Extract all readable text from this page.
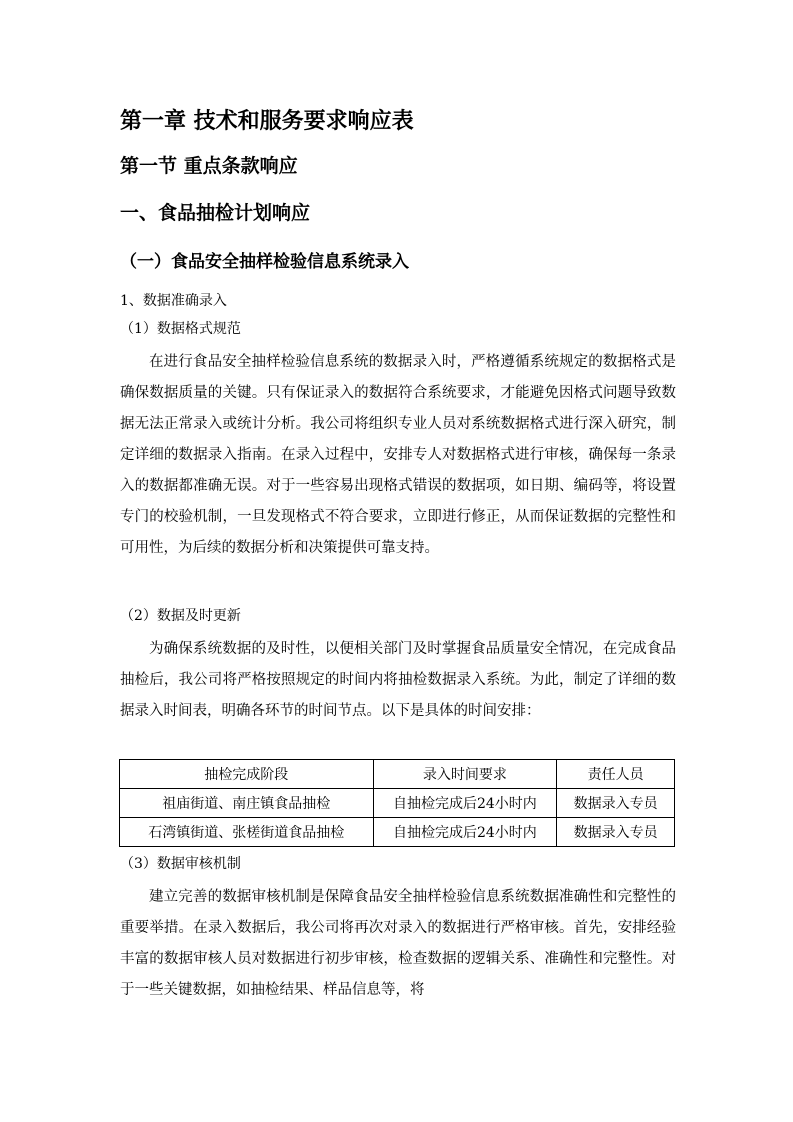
第一章 技术和服务要求响应表
第一节 重点条款响应
一、食品抽检计划响应
（一）食品安全抽样检验信息系统录入

1、数据准确录入

（1）数据格式规范

在进行食品安全抽样检验信息系统的数据录入时，严格遵循系统规定的数据格式是确保数据质量的关键。只有保证录入的数据符合系统要求，才能避免因格式问题导致数据无法正常录入或统计分析。我公司将组织专业人员对系统数据格式进行深入研究，制定详细的数据录入指南。在录入过程中，安排专人对数据格式进行审核，确保每一条录入的数据都准确无误。对于一些容易出现格式错误的数据项，如日期、编码等，将设置专门的校验机制，一旦发现格式不符合要求，立即进行修正，从而保证数据的完整性和可用性，为后续的数据分析和决策提供可靠支持。

（2）数据及时更新

为确保系统数据的及时性，以便相关部门及时掌握食品质量安全情况，在完成食品抽检后，我公司将严格按照规定的时间内将抽检数据录入系统。为此，制定了详细的数据录入时间表，明确各环节的时间节点。以下是具体的时间安排：

抽检完成阶段	录入时间要求	责任人员
祖庙街道、南庄镇食品抽检	自抽检完成后24小时内	数据录入专员
石湾镇街道、张槎街道食品抽检	自抽检完成后24小时内	数据录入专员

（3）数据审核机制

建立完善的数据审核机制是保障食品安全抽样检验信息系统数据准确性和完整性的重要举措。在录入数据后，我公司将再次对录入的数据进行严格审核。首先，安排经验丰富的数据审核人员对数据进行初步审核，检查数据的逻辑关系、准确性和完整性。对于一些关键数据，如抽检结果、样品信息等，将
